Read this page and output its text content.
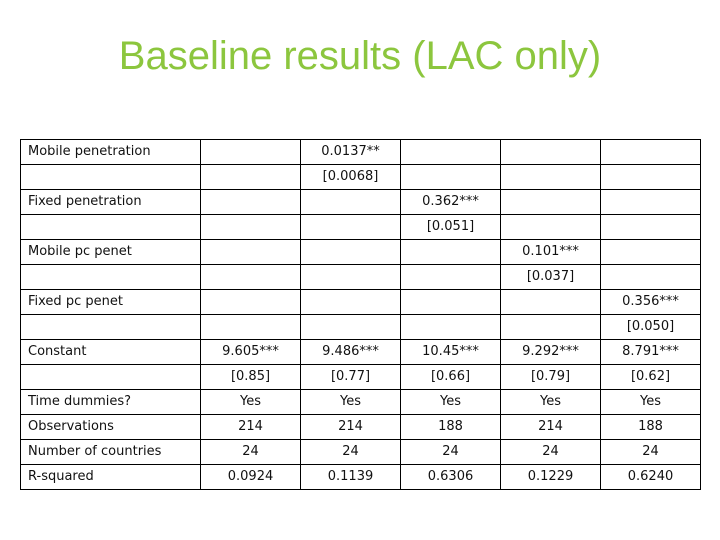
Baseline results (LAC only)
Mobile penetration		0.0137**			
		[0.0068]			
Fixed penetration			0.362***		
			[0.051]		
Mobile pc penet				0.101***	
				[0.037]	
Fixed pc penet					0.356***
					[0.050]
Constant	9.605***	9.486***	10.45***	9.292***	8.791***
	[0.85]	[0.77]	[0.66]	[0.79]	[0.62]
Time dummies?	Yes	Yes	Yes	Yes	Yes
Observations	214	214	188	214	188
Number of countries	24	24	24	24	24
R-squared	0.0924	0.1139	0.6306	0.1229	0.6240
